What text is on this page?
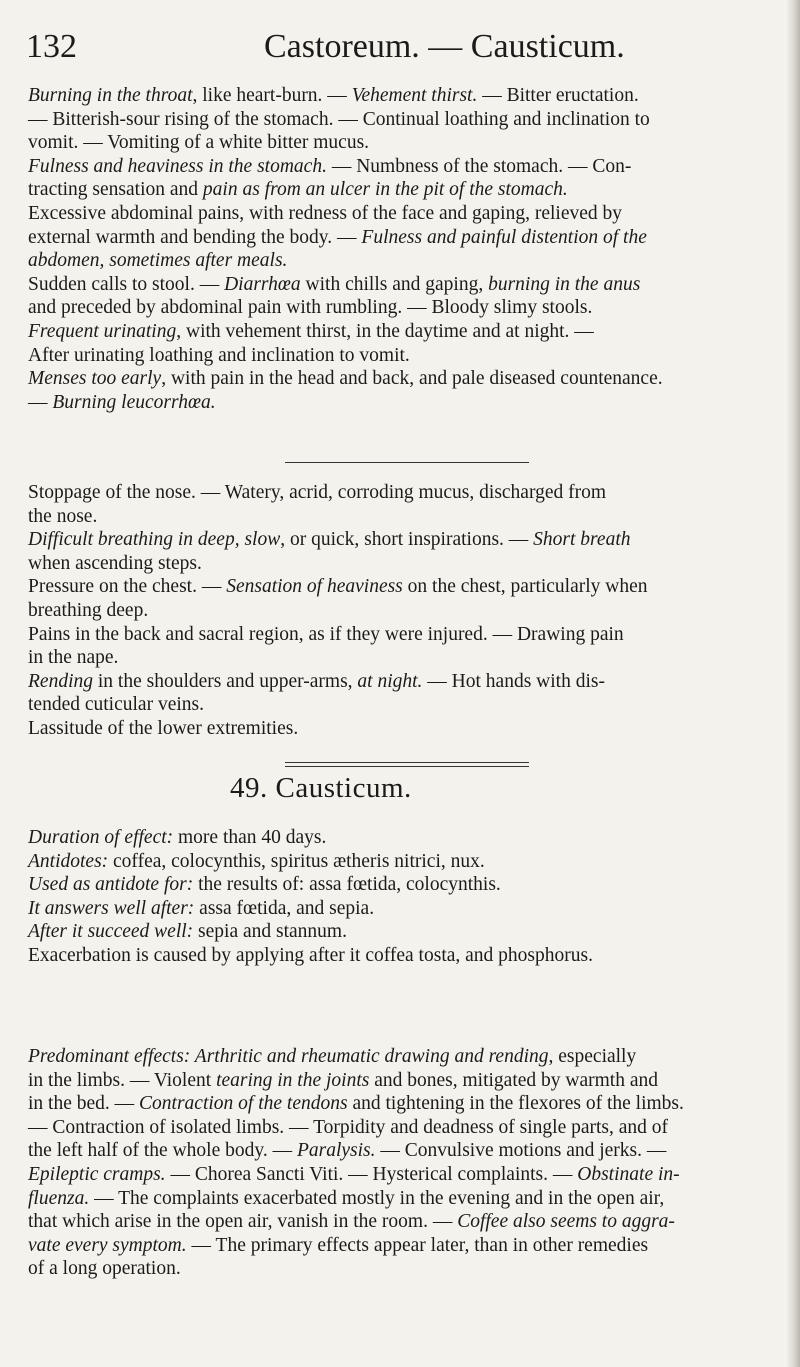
132	Castoreum. — Causticum.
Burning in the throat, like heart-burn. — Vehement thirst. — Bitter eructation.
— Bitterish-sour rising of the stomach. — Continual loathing and inclination to
vomit. — Vomiting of a white bitter mucus.
Fulness and heaviness in the stomach. — Numbness of the stomach. — Con-
tracting sensation and pain as from an ulcer in the pit of the stomach.
Excessive abdominal pains, with redness of the face and gaping, relieved by
external warmth and bending the body. — Fulness and painful distention of the
abdomen, sometimes after meals.
Sudden calls to stool. — Diarrhœa with chills and gaping, burning in the anus
and preceded by abdominal pain with rumbling. — Bloody slimy stools.
Frequent urinating, with vehement thirst, in the daytime and at night. —
After urinating loathing and inclination to vomit.
Menses too early, with pain in the head and back, and pale diseased countenance.
— Burning leucorrhœa.
Stoppage of the nose. — Watery, acrid, corroding mucus, discharged from
the nose.
Difficult breathing in deep, slow, or quick, short inspirations. — Short breath
when ascending steps.
Pressure on the chest. — Sensation of heaviness on the chest, particularly when
breathing deep.
Pains in the back and sacral region, as if they were injured. — Drawing pain
in the nape.
Rending in the shoulders and upper-arms, at night. — Hot hands with dis-
tended cuticular veins.
Lassitude of the lower extremities.
49. Causticum.
Duration of effect: more than 40 days.
Antidotes: coffea, colocynthis, spiritus ætheris nitrici, nux.
Used as antidote for: the results of: assa fœtida, colocynthis.
It answers well after: assa fœtida, and sepia.
After it succeed well: sepia and stannum.
Exacerbation is caused by applying after it coffea tosta, and phosphorus.
Predominant effects: Arthritic and rheumatic drawing and rending, especially
in the limbs. — Violent tearing in the joints and bones, mitigated by warmth and
in the bed. — Contraction of the tendons and tightening in the flexores of the limbs.
— Contraction of isolated limbs. — Torpidity and deadness of single parts, and of
the left half of the whole body. — Paralysis. — Convulsive motions and jerks. —
Epileptic cramps. — Chorea Sancti Viti. — Hysterical complaints. — Obstinate in-
fluenza. — The complaints exacerbated mostly in the evening and in the open air,
that which arise in the open air, vanish in the room. — Coffee also seems to aggra-
vate every symptom. — The primary effects appear later, than in other remedies
of a long operation.
